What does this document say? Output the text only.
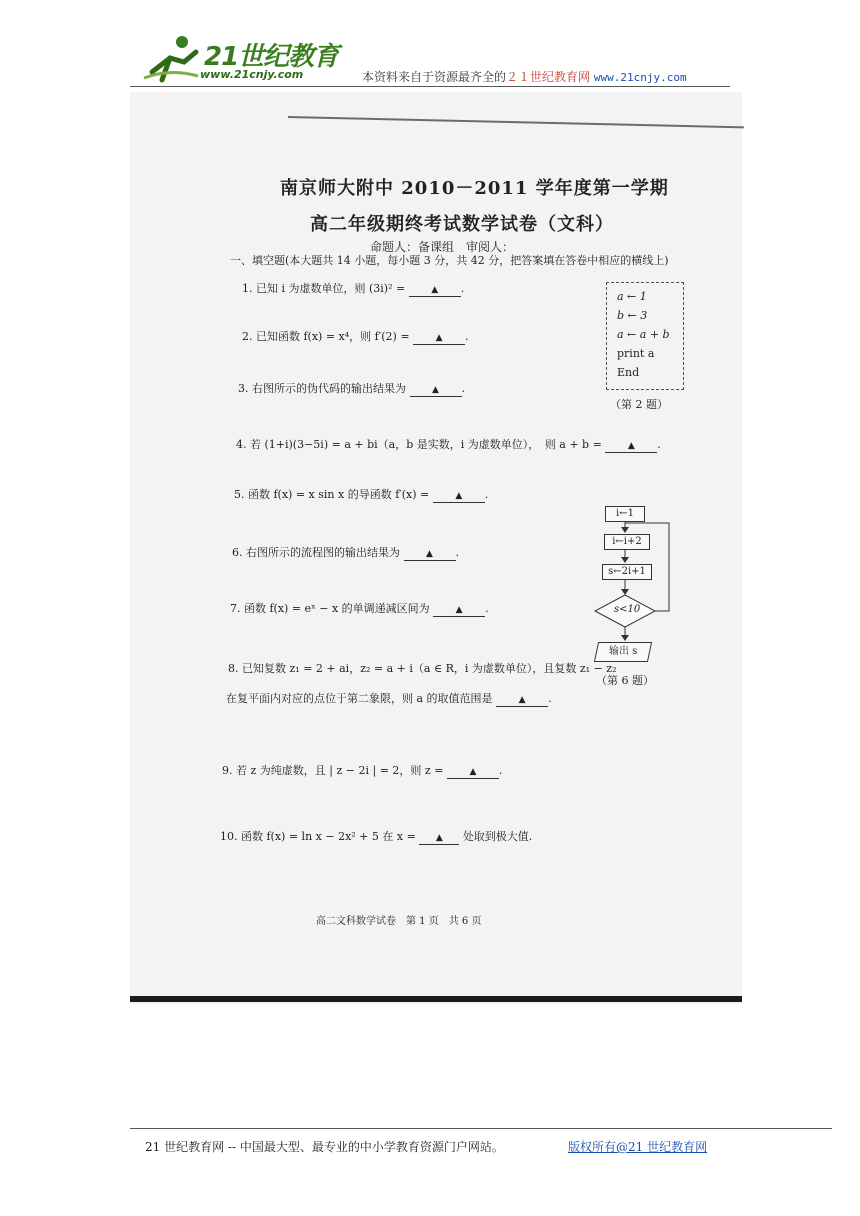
21世纪教育
www.21cnjy.com	本资料来自于资源最齐全的２１世纪教育网 www.21cnjy.com
南京师大附中 2010－2011 学年度第一学期
高二年级期终考试数学试卷（文科）
命题人：备课组　审阅人：
一、填空题(本大题共 14 小题，每小题 3 分，共 42 分，把答案填在答卷中相应的横线上)
1. 已知 i 为虚数单位，则 (3i)² =	▲ .
2. 已知函数 f(x) = x⁴，则 f′(2) =	▲ .
3. 右图所示的伪代码的输出结果为	▲ .
4. 若 (1+i)(3−5i) = a + bi（a，b 是实数，i 为虚数单位），　则 a + b =	▲ .
5. 函数 f(x) = x sin x 的导函数 f′(x) =	▲ .
6. 右图所示的流程图的输出结果为	▲ .
7. 函数 f(x) = eˣ − x 的单调递减区间为	▲ .
8. 已知复数 z₁ = 2 + ai，z₂ = a + i（a ∈ R，i 为虚数单位），且复数 z₁ − z₂
在复平面内对应的点位于第二象限，则 a 的取值范围是	▲ .
9. 若 z 为纯虚数，且 | z − 2i | = 2，则 z =	▲ .
10. 函数 f(x) = ln x − 2x² + 5 在 x = ▲ 处取到极大值.
a ← 1
b ← 3
a ← a + b
print a
End
（第 2 题）
i←1
i←i+2
s←2i+1
s<10
输出 s
（第 6 题）
高二文科数学试卷　第 1 页　共 6 页
21 世纪教育网 -- 中国最大型、最专业的中小学教育资源门户网站。	版权所有@21 世纪教育网
